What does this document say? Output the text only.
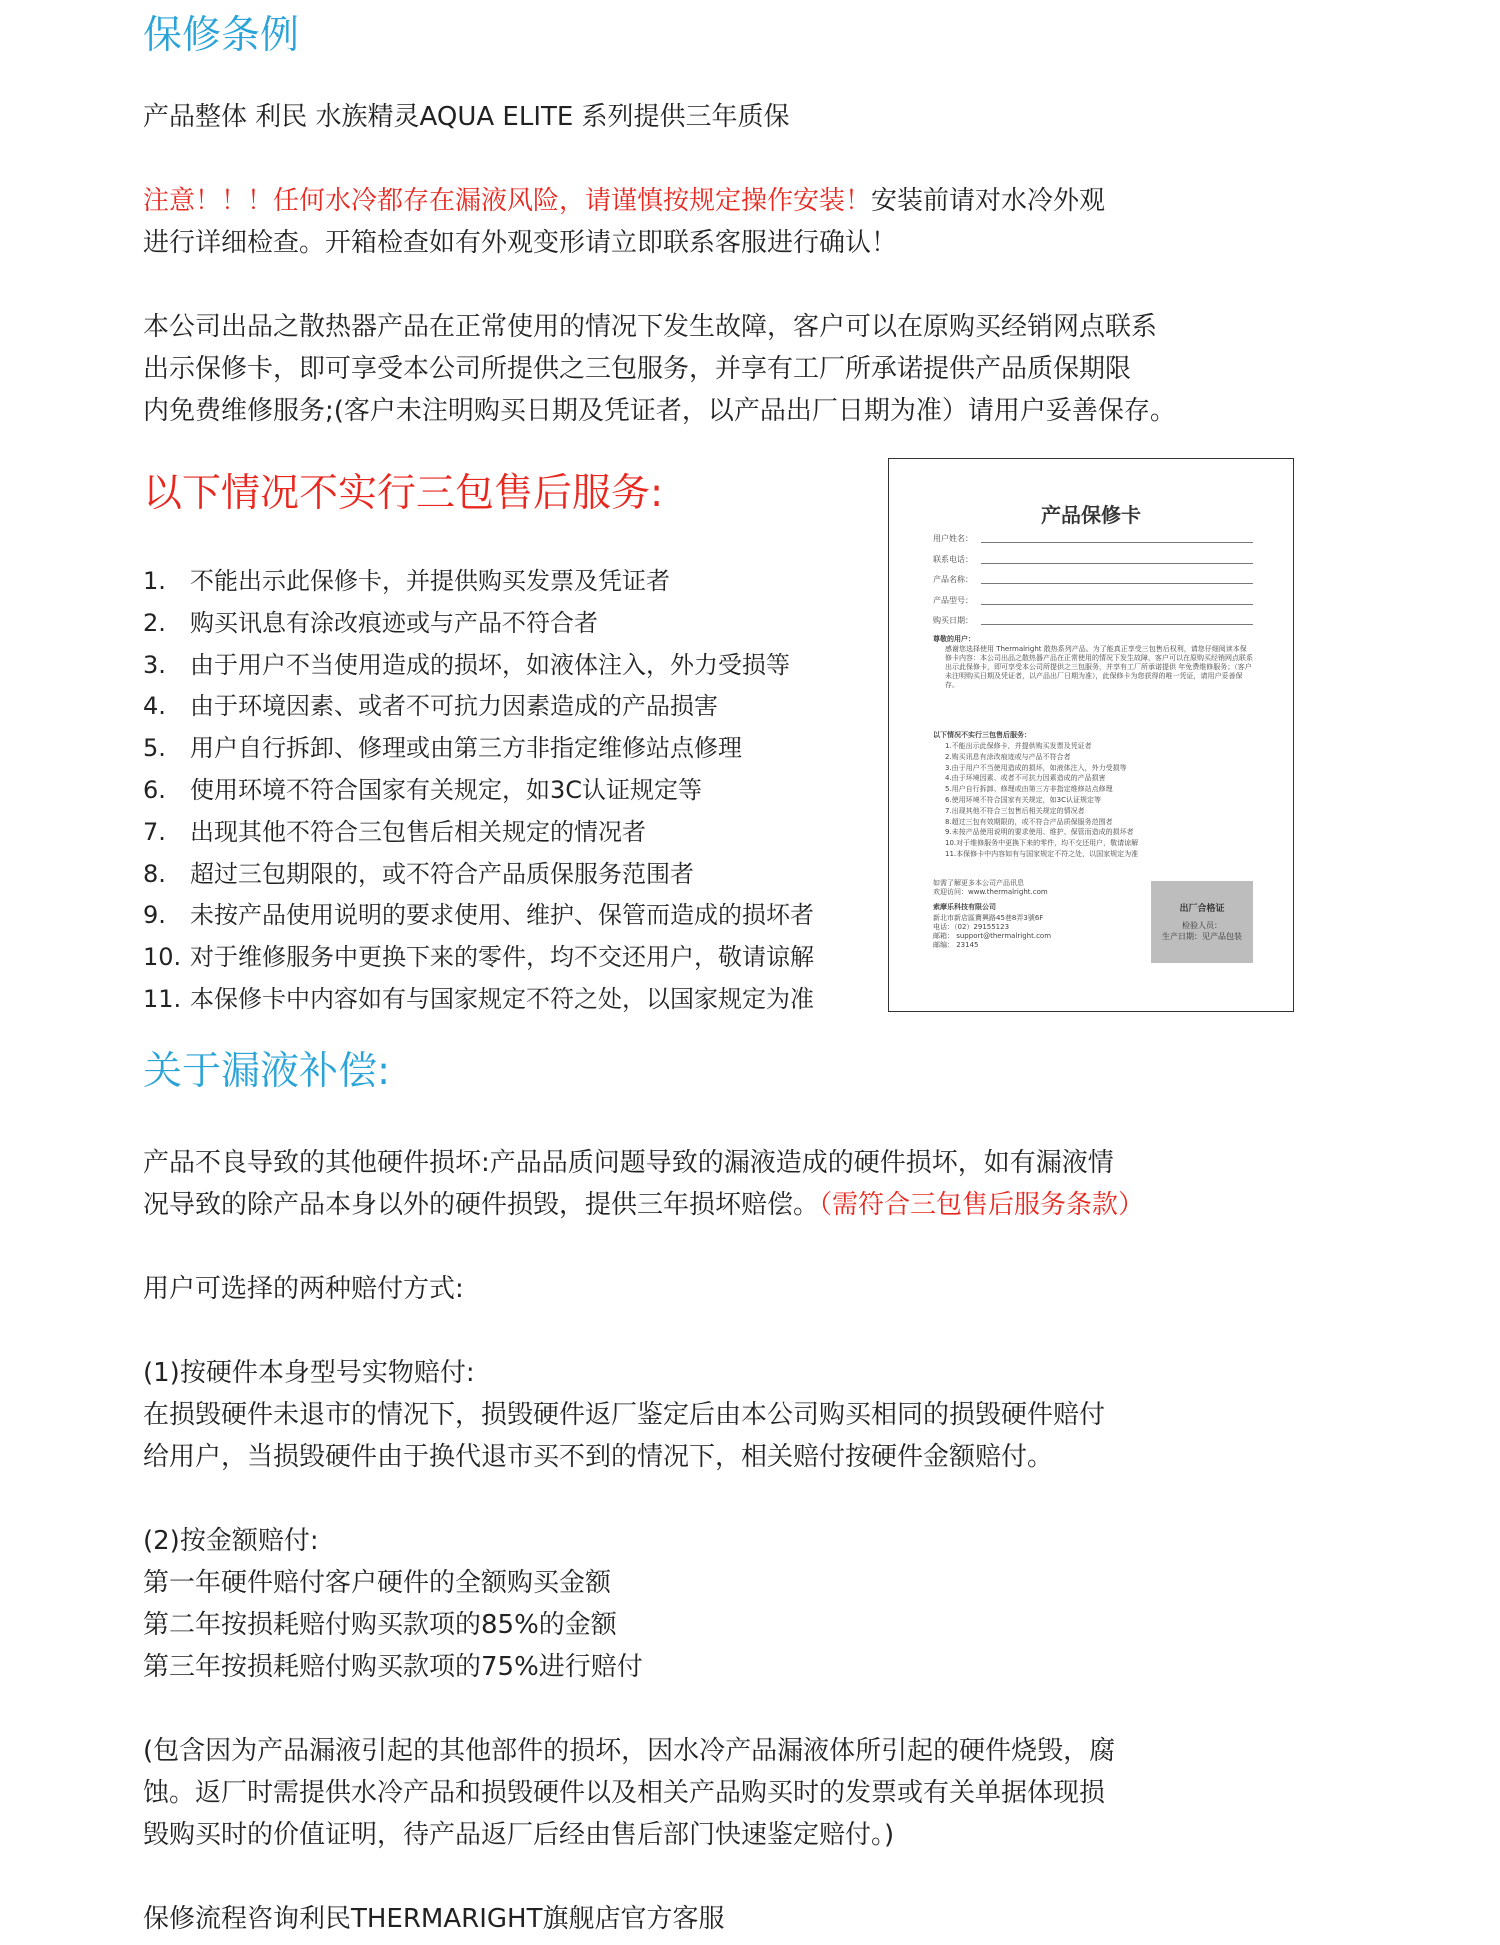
保修条例
产品整体 利民 水族精灵AQUA ELITE 系列提供三年质保
注意！！！任何水冷都存在漏液风险，请谨慎按规定操作安装！安装前请对水冷外观
进行详细检查。开箱检查如有外观变形请立即联系客服进行确认！
本公司出品之散热器产品在正常使用的情况下发生故障，客户可以在原购买经销网点联系
出示保修卡，即可享受本公司所提供之三包服务，并享有工厂所承诺提供产品质保期限
内免费维修服务;(客户未注明购买日期及凭证者，以产品出厂日期为准）请用户妥善保存。
以下情况不实行三包售后服务:
1. 不能出示此保修卡，并提供购买发票及凭证者
2. 购买讯息有涂改痕迹或与产品不符合者
3. 由于用户不当使用造成的损坏，如液体注入，外力受损等
4. 由于环境因素、或者不可抗力因素造成的产品损害
5. 用户自行拆卸、修理或由第三方非指定维修站点修理
6. 使用环境不符合国家有关规定，如3C认证规定等
7. 出现其他不符合三包售后相关规定的情况者
8. 超过三包期限的，或不符合产品质保服务范围者
9. 未按产品使用说明的要求使用、维护、保管而造成的损坏者
10. 对于维修服务中更换下来的零件，均不交还用户，敬请谅解
11. 本保修卡中内容如有与国家规定不符之处，以国家规定为准
产品保修卡
用户姓名：
联系电话：
产品名称：
产品型号：
购买日期：
尊敬的用户：
感谢您选择使用 Thermalright 散热系列产品。为了能真正享受三包售后权利，请您仔细阅读本保修卡内容：本公司出品之散热器产品在正常使用的情况下发生故障，客户可以在原购买经销网点联系出示此保修卡，即可享受本公司所提供之三包服务，并享有工厂所承诺提供 年免费维修服务；（客户未注明购买日期及凭证者，以产品出厂日期为准），此保修卡为您获得的唯一凭证，请用户妥善保存。
以下情况不实行三包售后服务：
1.不能出示此保修卡，并提供购买发票及凭证者
2.购买讯息有涂改痕迹或与产品不符合者
3.由于用户不当使用造成的损坏，如液体注入，外力受损等
4.由于环境因素、或者不可抗力因素造成的产品损害
5.用户自行拆卸、修理或由第三方非指定维修站点修理
6.使用环境不符合国家有关规定，如3C认证规定等
7.出现其他不符合三包售后相关规定的情况者
8.超过三包有效期限的，或不符合产品质保服务范围者
9.未按产品使用说明的要求使用、维护、保管而造成的损坏者
10.对于维修服务中更换下来的零件，均不交还用户，敬请谅解
11.本保修卡中内容如有与国家规定不符之处，以国家规定为准
如需了解更多本公司产品讯息
欢迎访问：www.thermalright.com
索摩乐科技有限公司
新北市新店區寶興路45巷8弄3號6F
电话：（02）29155123
邮箱： support@thermalright.com
邮编： 23145
出厂合格证
检验人员：
生产日期：见产品包装
关于漏液补偿:
产品不良导致的其他硬件损坏:产品品质问题导致的漏液造成的硬件损坏，如有漏液情
况导致的除产品本身以外的硬件损毁，提供三年损坏赔偿。（需符合三包售后服务条款）
用户可选择的两种赔付方式:
(1)按硬件本身型号实物赔付:
在损毁硬件未退市的情况下，损毁硬件返厂鉴定后由本公司购买相同的损毁硬件赔付
给用户，当损毁硬件由于换代退市买不到的情况下，相关赔付按硬件金额赔付。
(2)按金额赔付:
第一年硬件赔付客户硬件的全额购买金额
第二年按损耗赔付购买款项的85%的金额
第三年按损耗赔付购买款项的75%进行赔付
(包含因为产品漏液引起的其他部件的损坏，因水冷产品漏液体所引起的硬件烧毁，腐
蚀。返厂时需提供水冷产品和损毁硬件以及相关产品购买时的发票或有关单据体现损
毁购买时的价值证明，待产品返厂后经由售后部门快速鉴定赔付。)
保修流程咨询利民THERMARIGHT旗舰店官方客服
